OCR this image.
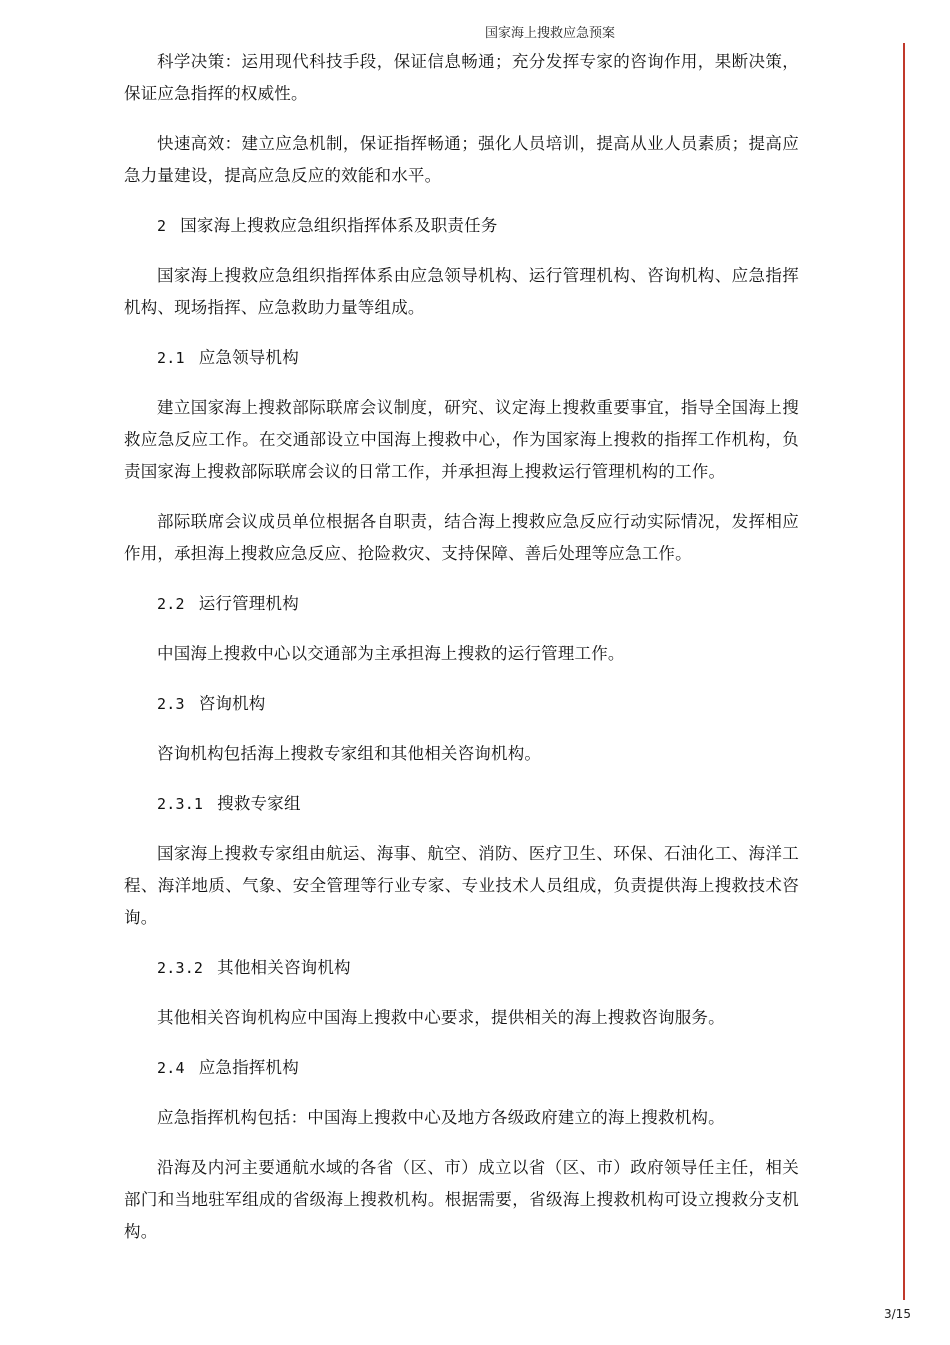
国家海上搜救应急预案

科学决策：运用现代科技手段，保证信息畅通；充分发挥专家的咨询作用，果断决策，保证应急指挥的权威性。

快速高效：建立应急机制，保证指挥畅通；强化人员培训，提高从业人员素质；提高应急力量建设，提高应急反应的效能和水平。

2 国家海上搜救应急组织指挥体系及职责任务

国家海上搜救应急组织指挥体系由应急领导机构、运行管理机构、咨询机构、应急指挥机构、现场指挥、应急救助力量等组成。

2.1 应急领导机构

建立国家海上搜救部际联席会议制度，研究、议定海上搜救重要事宜，指导全国海上搜救应急反应工作。在交通部设立中国海上搜救中心，作为国家海上搜救的指挥工作机构，负责国家海上搜救部际联席会议的日常工作，并承担海上搜救运行管理机构的工作。

部际联席会议成员单位根据各自职责，结合海上搜救应急反应行动实际情况，发挥相应作用，承担海上搜救应急反应、抢险救灾、支持保障、善后处理等应急工作。

2.2 运行管理机构

中国海上搜救中心以交通部为主承担海上搜救的运行管理工作。

2.3 咨询机构

咨询机构包括海上搜救专家组和其他相关咨询机构。

2.3.1 搜救专家组

国家海上搜救专家组由航运、海事、航空、消防、医疗卫生、环保、石油化工、海洋工程、海洋地质、气象、安全管理等行业专家、专业技术人员组成，负责提供海上搜救技术咨询。

2.3.2 其他相关咨询机构

其他相关咨询机构应中国海上搜救中心要求，提供相关的海上搜救咨询服务。

2.4 应急指挥机构

应急指挥机构包括：中国海上搜救中心及地方各级政府建立的海上搜救机构。

沿海及内河主要通航水域的各省（区、市）成立以省（区、市）政府领导任主任，相关部门和当地驻军组成的省级海上搜救机构。根据需要，省级海上搜救机构可设立搜救分支机构。

3/15
